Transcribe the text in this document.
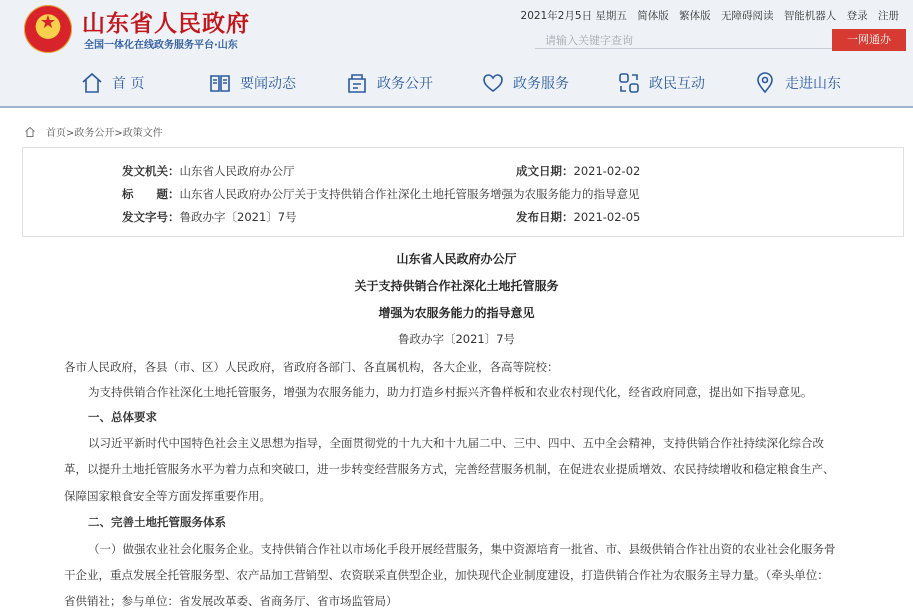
★
山东省人民政府
全国一体化在线政务服务平台·山东
2021年2月5日 星期五 简体版 繁体版 无障碍阅读 智能机器人 登录 注册
请输入关键字查询
一网通办
首 页	要闻动态	政务公开	政务服务	政民互动	走进山东
首页>政务公开>政策文件
发文机关：山东省人民政府办公厅	成文日期：2021-02-02
标　　题：山东省人民政府办公厅关于支持供销合作社深化土地托管服务增强为农服务能力的指导意见
发文字号：鲁政办字〔2021〕7号	发布日期：2021-02-05
山东省人民政府办公厅
关于支持供销合作社深化土地托管服务
增强为农服务能力的指导意见
鲁政办字〔2021〕7号
各市人民政府，各县（市、区）人民政府，省政府各部门、各直属机构，各大企业，各高等院校：
为支持供销合作社深化土地托管服务，增强为农服务能力，助力打造乡村振兴齐鲁样板和农业农村现代化，经省政府同意，提出如下指导意见。
一、总体要求
以习近平新时代中国特色社会主义思想为指导，全面贯彻党的十九大和十九届二中、三中、四中、五中全会精神，支持供销合作社持续深化综合改
革，以提升土地托管服务水平为着力点和突破口，进一步转变经营服务方式，完善经营服务机制，在促进农业提质增效、农民持续增收和稳定粮食生产、
保障国家粮食安全等方面发挥重要作用。
二、完善土地托管服务体系
（一）做强农业社会化服务企业。支持供销合作社以市场化手段开展经营服务，集中资源培育一批省、市、县级供销合作社出资的农业社会化服务骨
干企业，重点发展全托管服务型、农产品加工营销型、农资联采直供型企业，加快现代企业制度建设，打造供销合作社为农服务主导力量。（牵头单位：
省供销社；参与单位：省发展改革委、省商务厅、省市场监管局）
